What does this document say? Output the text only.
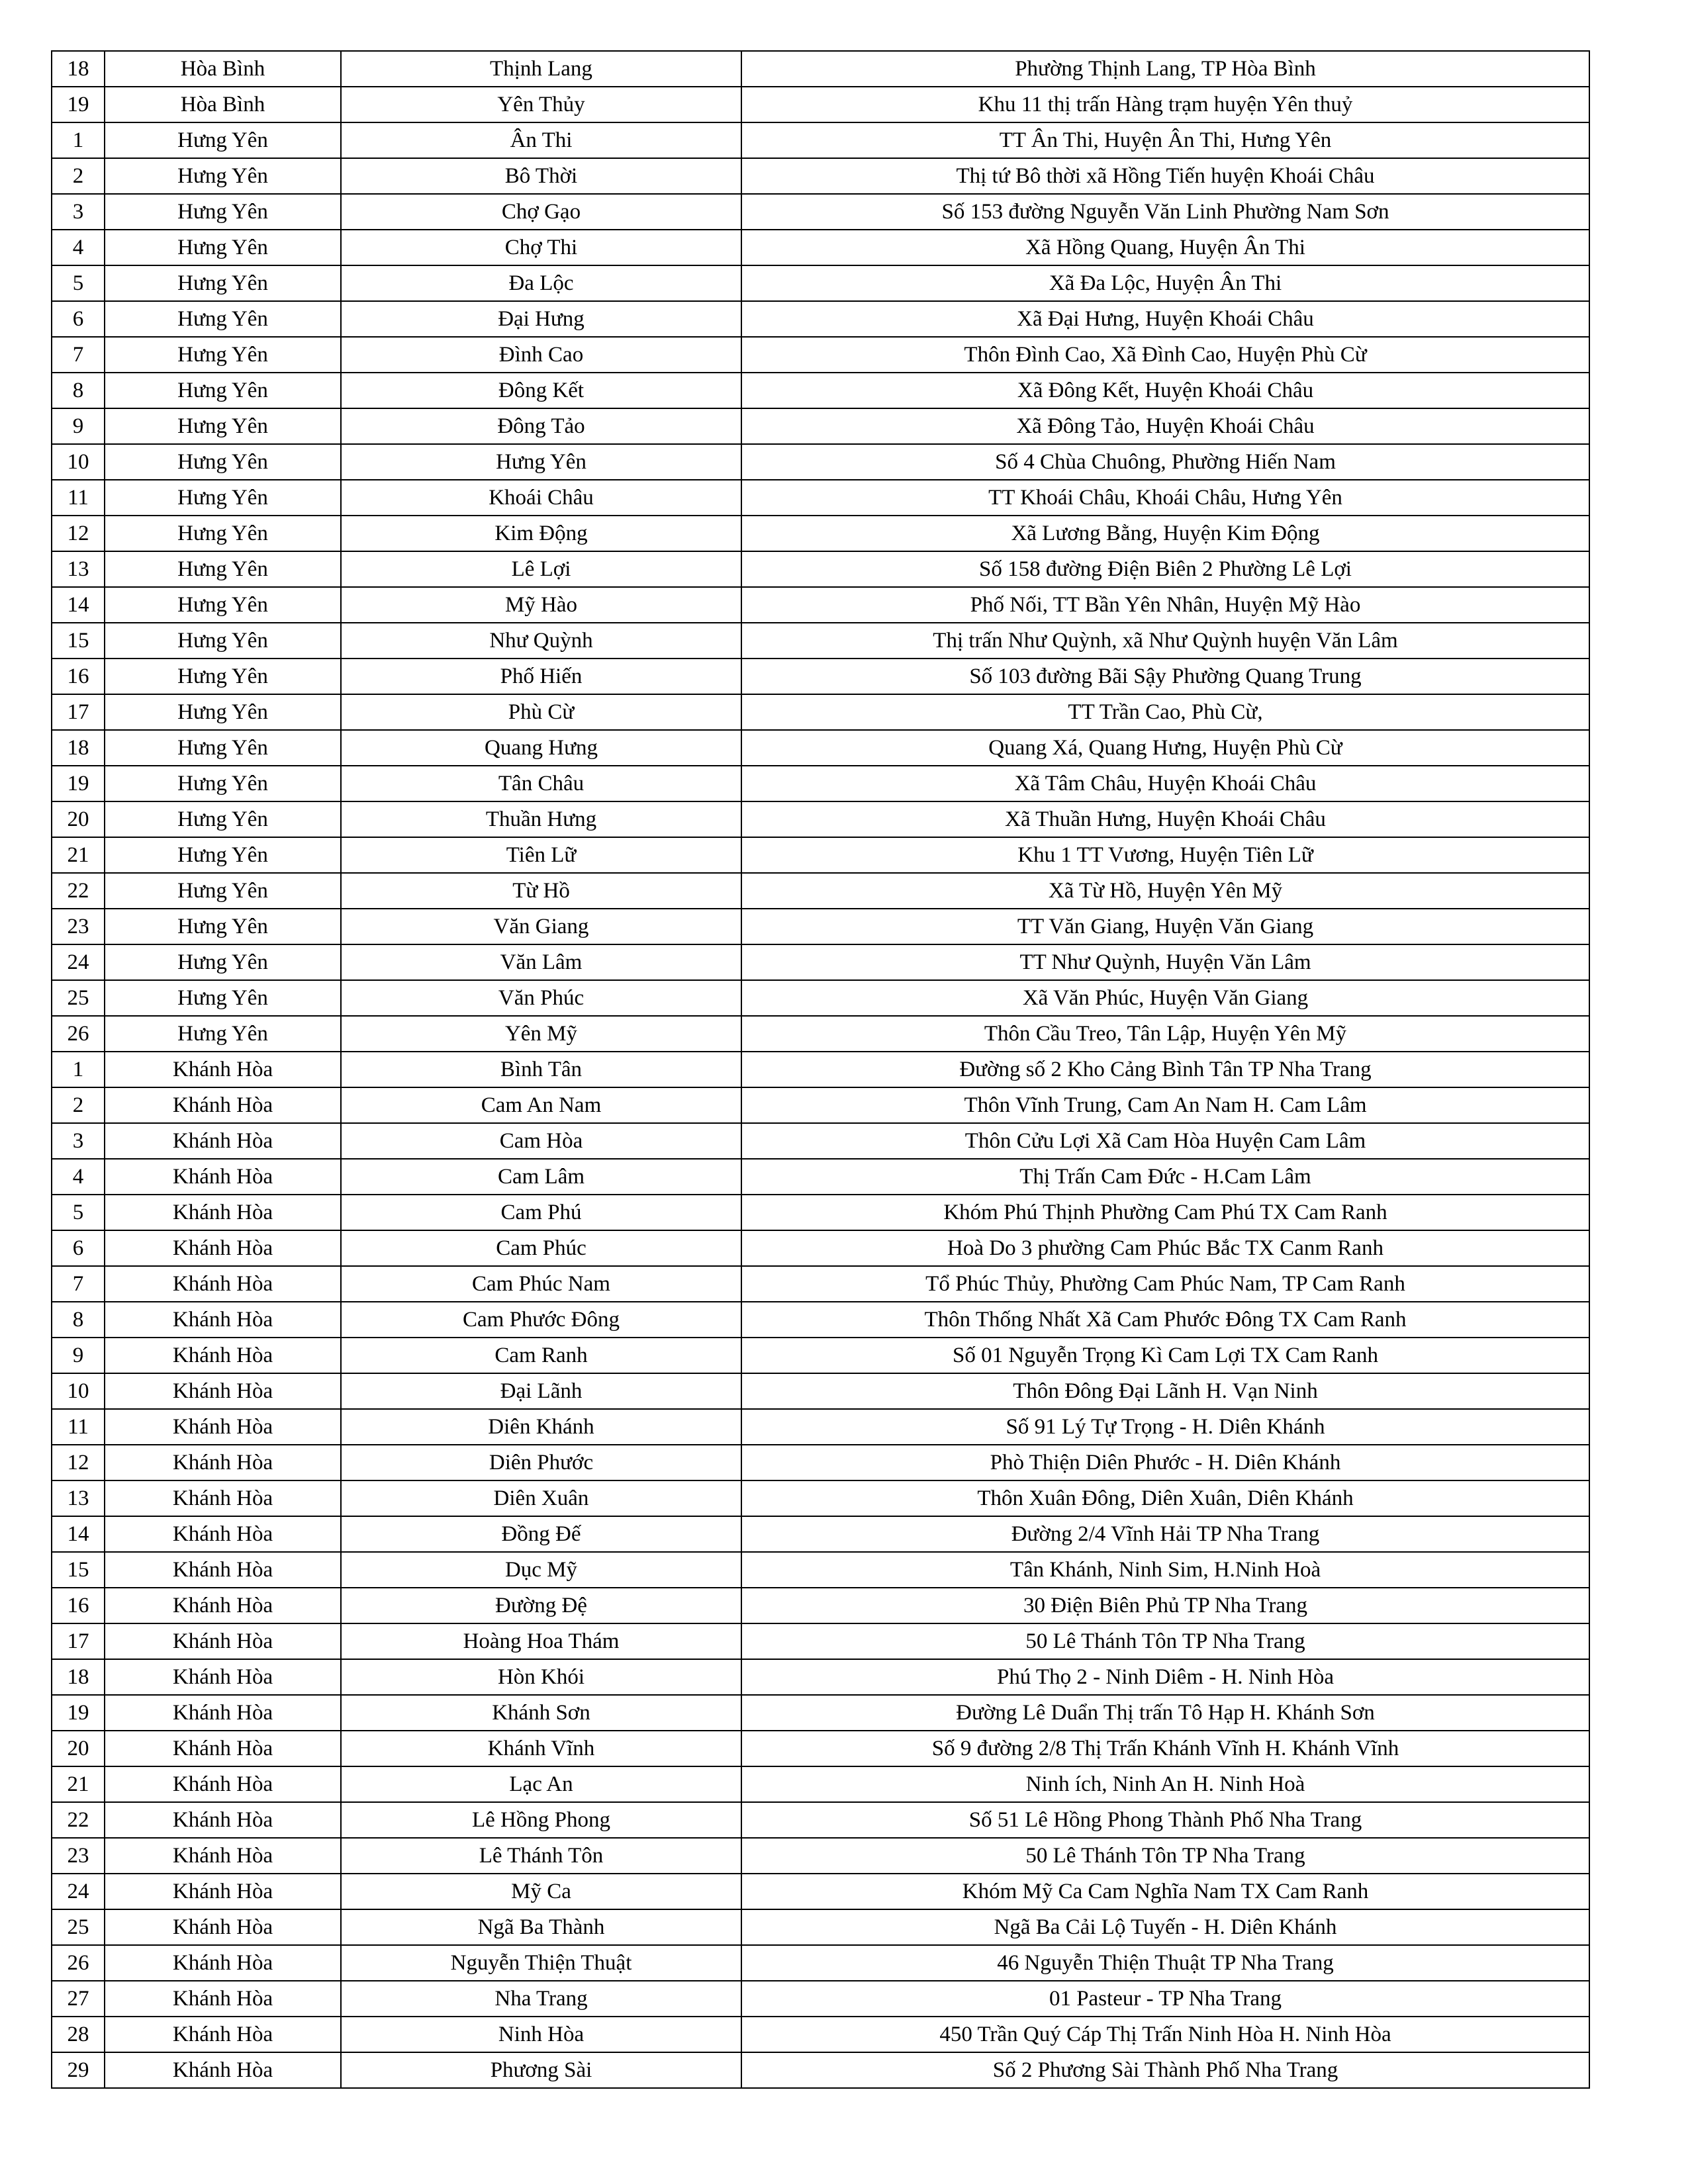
18	Hòa Bình	Thịnh Lang	Phường Thịnh Lang, TP Hòa Bình
19	Hòa Bình	Yên Thủy	Khu 11 thị trấn Hàng trạm huyện Yên thuỷ
1	Hưng Yên	Ân Thi	TT Ân Thi, Huyện Ân Thi, Hưng Yên
2	Hưng Yên	Bô Thời	Thị tứ Bô thời xã Hồng Tiến huyện Khoái Châu
3	Hưng Yên	Chợ Gạo	Số 153 đường Nguyễn Văn Linh Phường Nam Sơn
4	Hưng Yên	Chợ Thi	Xã Hồng Quang, Huyện Ân Thi
5	Hưng Yên	Đa Lộc	Xã Đa Lộc, Huyện Ân Thi
6	Hưng Yên	Đại Hưng	Xã Đại Hưng, Huyện Khoái Châu
7	Hưng Yên	Đình Cao	Thôn Đình Cao, Xã Đình Cao, Huyện Phù Cừ
8	Hưng Yên	Đông Kết	Xã Đông Kết, Huyện Khoái Châu
9	Hưng Yên	Đông Tảo	Xã Đông Tảo, Huyện Khoái Châu
10	Hưng Yên	Hưng Yên	Số 4 Chùa Chuông, Phường Hiến Nam
11	Hưng Yên	Khoái Châu	TT Khoái Châu, Khoái Châu, Hưng Yên
12	Hưng Yên	Kim Động	Xã Lương Bằng, Huyện Kim Động
13	Hưng Yên	Lê Lợi	Số 158 đường Điện Biên 2 Phường Lê Lợi
14	Hưng Yên	Mỹ Hào	Phố Nối, TT Bần Yên Nhân, Huyện Mỹ Hào
15	Hưng Yên	Như Quỳnh	Thị trấn Như Quỳnh, xã Như Quỳnh huyện Văn Lâm
16	Hưng Yên	Phố Hiến	Số 103 đường Bãi Sậy Phường Quang Trung
17	Hưng Yên	Phù Cừ	TT Trần Cao, Phù Cừ,
18	Hưng Yên	Quang Hưng	Quang Xá, Quang Hưng, Huyện Phù Cừ
19	Hưng Yên	Tân Châu	Xã Tâm Châu, Huyện Khoái Châu
20	Hưng Yên	Thuần Hưng	Xã Thuần Hưng, Huyện Khoái Châu
21	Hưng Yên	Tiên Lữ	Khu 1 TT Vương, Huyện Tiên Lữ
22	Hưng Yên	Từ Hồ	Xã Từ Hồ, Huyện Yên Mỹ
23	Hưng Yên	Văn Giang	TT Văn Giang, Huyện Văn Giang
24	Hưng Yên	Văn Lâm	TT Như Quỳnh, Huyện Văn Lâm
25	Hưng Yên	Văn Phúc	Xã Văn Phúc, Huyện Văn Giang
26	Hưng Yên	Yên Mỹ	Thôn Cầu Treo, Tân Lập, Huyện Yên Mỹ
1	Khánh Hòa	Bình Tân	Đường số 2 Kho Cảng Bình Tân TP Nha Trang
2	Khánh Hòa	Cam An Nam	Thôn Vĩnh Trung, Cam An Nam H. Cam Lâm
3	Khánh Hòa	Cam Hòa	Thôn Cửu Lợi Xã Cam Hòa Huyện Cam Lâm
4	Khánh Hòa	Cam Lâm	Thị Trấn Cam Đức - H.Cam Lâm
5	Khánh Hòa	Cam Phú	Khóm Phú Thịnh Phường Cam Phú TX Cam Ranh
6	Khánh Hòa	Cam Phúc	Hoà Do 3 phường Cam Phúc Bắc TX Canm Ranh
7	Khánh Hòa	Cam Phúc Nam	Tổ Phúc Thủy, Phường Cam Phúc Nam, TP Cam Ranh
8	Khánh Hòa	Cam Phước Đông	Thôn Thống Nhất Xã Cam Phước Đông TX Cam Ranh
9	Khánh Hòa	Cam Ranh	Số 01 Nguyễn Trọng Kì Cam Lợi TX Cam Ranh
10	Khánh Hòa	Đại Lãnh	Thôn Đông Đại Lãnh H. Vạn Ninh
11	Khánh Hòa	Diên Khánh	Số 91 Lý Tự Trọng - H. Diên Khánh
12	Khánh Hòa	Diên Phước	Phò Thiện Diên Phước - H. Diên Khánh
13	Khánh Hòa	Diên Xuân	Thôn Xuân Đông, Diên Xuân, Diên Khánh
14	Khánh Hòa	Đồng Đế	Đường 2/4 Vĩnh Hải TP Nha Trang
15	Khánh Hòa	Dục Mỹ	Tân Khánh, Ninh Sim, H.Ninh Hoà
16	Khánh Hòa	Đường Đệ	30 Điện Biên Phủ TP Nha Trang
17	Khánh Hòa	Hoàng Hoa Thám	50 Lê Thánh Tôn TP Nha Trang
18	Khánh Hòa	Hòn Khói	Phú Thọ 2 - Ninh Diêm - H. Ninh Hòa
19	Khánh Hòa	Khánh Sơn	Đường Lê Duẩn Thị trấn Tô Hạp H. Khánh Sơn
20	Khánh Hòa	Khánh Vĩnh	Số 9 đường 2/8 Thị Trấn Khánh Vĩnh H. Khánh Vĩnh
21	Khánh Hòa	Lạc An	Ninh ích, Ninh An H. Ninh Hoà
22	Khánh Hòa	Lê Hồng Phong	Số 51 Lê Hồng Phong Thành Phố Nha Trang
23	Khánh Hòa	Lê Thánh Tôn	50 Lê Thánh Tôn TP Nha Trang
24	Khánh Hòa	Mỹ Ca	Khóm Mỹ Ca Cam Nghĩa Nam TX Cam Ranh
25	Khánh Hòa	Ngã Ba Thành	Ngã Ba Cải Lộ Tuyến - H. Diên Khánh
26	Khánh Hòa	Nguyễn Thiện Thuật	46 Nguyễn Thiện Thuật TP Nha Trang
27	Khánh Hòa	Nha Trang	01 Pasteur - TP Nha Trang
28	Khánh Hòa	Ninh Hòa	450 Trần Quý Cáp Thị Trấn Ninh Hòa H. Ninh Hòa
29	Khánh Hòa	Phương Sài	Số 2 Phương Sài Thành Phố Nha Trang
